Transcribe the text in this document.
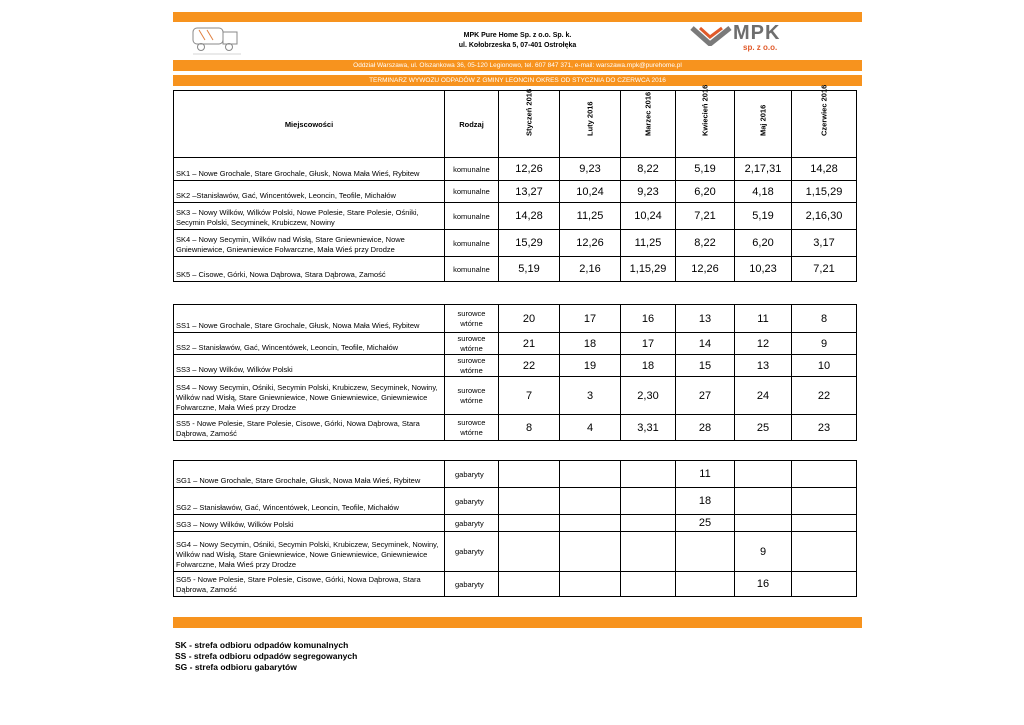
MPK Pure Home Sp. z o.o. Sp. k.
ul. Kołobrzeska 5, 07-401 Ostrołęka
MPK
sp. z o.o.
Oddział Warszawa, ul. Olszankowa 36, 05-120 Legionowo, tel. 607 847 371, e-mail: warszawa.mpk@purehome.pl
TERMINARZ WYWOZU ODPADÓW Z GMINY LEONCIN OKRES OD STYCZNIA DO CZERWCA 2016
Miejscowości	Rodzaj	Styczeń 2016	Luty 2016	Marzec 2016	Kwiecień 2016	Maj 2016	Czerwiec 2016

SK1 – Nowe Grochale, Stare Grochale, Głusk, Nowa Mała Wieś, Rybitew	komunalne	12,26	9,23	8,22	5,19	2,17,31	14,28
SK2 –Stanisławów, Gać, Wincentówek, Leoncin, Teofile, Michałów	komunalne	13,27	10,24	9,23	6,20	4,18	1,15,29
SK3 – Nowy Wilków, Wilków Polski, Nowe Polesie, Stare Polesie, Ośniki, Secymin Polski, Secyminek, Krubiczew, Nowiny	komunalne	14,28	11,25	10,24	7,21	5,19	2,16,30
SK4 – Nowy Secymin, Wilków nad Wisłą, Stare Gniewniewice, Nowe Gniewniewice, Gniewniewice Folwarczne, Mała Wieś przy Drodze	komunalne	15,29	12,26	11,25	8,22	6,20	3,17
SK5 – Cisowe, Górki, Nowa Dąbrowa, Stara Dąbrowa, Zamość	komunalne	5,19	2,16	1,15,29	12,26	10,23	7,21
SS1 – Nowe Grochale, Stare Grochale, Głusk, Nowa Mała Wieś, Rybitew	surowce
wtórne	20	17	16	13	11	8
SS2 – Stanisławów, Gać, Wincentówek, Leoncin, Teofile, Michałów	surowce
wtórne	21	18	17	14	12	9
SS3 – Nowy Wilków, Wilków Polski	surowce
wtórne	22	19	18	15	13	10
SS4 – Nowy Secymin, Ośniki, Secymin Polski, Krubiczew, Secyminek, Nowiny, Wilków nad Wisłą, Stare Gniewniewice, Nowe Gniewniewice, Gniewniewice Folwarczne, Mała Wieś przy Drodze	surowce
wtórne	7	3	2,30	27	24	22
SS5 - Nowe Polesie, Stare Polesie, Cisowe, Górki, Nowa Dąbrowa, Stara Dąbrowa, Zamość	surowce
wtórne	8	4	3,31	28	25	23
SG1 – Nowe Grochale, Stare Grochale, Głusk, Nowa Mała Wieś, Rybitew	gabaryty				11		
SG2 – Stanisławów, Gać, Wincentówek, Leoncin, Teofile, Michałów	gabaryty				18		
SG3 – Nowy Wilków, Wilków Polski	gabaryty				25		
SG4 – Nowy Secymin, Ośniki, Secymin Polski, Krubiczew, Secyminek, Nowiny, Wilków nad Wisłą, Stare Gniewniewice, Nowe Gniewniewice, Gniewniewice Folwarczne, Mała Wieś przy Drodze	gabaryty					9	
SG5 - Nowe Polesie, Stare Polesie, Cisowe, Górki, Nowa Dąbrowa, Stara Dąbrowa, Zamość	gabaryty					16	
SK - strefa odbioru odpadów komunalnych
SS - strefa odbioru odpadów segregowanych
SG - strefa odbioru gabarytów
